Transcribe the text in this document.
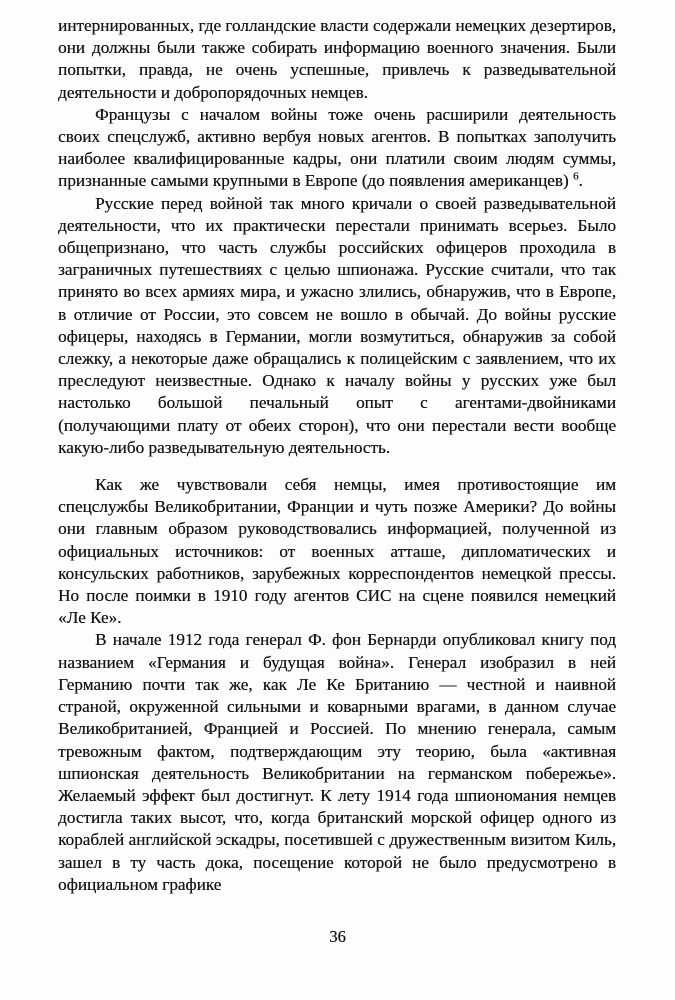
интернированных, где голландские власти содержали немецких дезертиров, они должны были также собирать информацию военного значения. Были попытки, правда, не очень успешные, привлечь к разведывательной деятельности и добропорядочных немцев.

Французы с началом войны тоже очень расширили деятельность своих спецслужб, активно вербуя новых агентов. В попытках заполучить наиболее квалифицированные кадры, они платили своим людям суммы, признанные самыми крупными в Европе (до появления американцев) $^6$.

Русские перед войной так много кричали о своей разведывательной деятельности, что их практически перестали принимать всерьез. Было общепризнано, что часть службы российских офицеров проходила в заграничных путешествиях с целью шпионажа. Русские считали, что так принято во всех армиях мира, и ужасно злились, обнаружив, что в Европе, в отличие от России, это совсем не вошло в обычай. До войны русские офицеры, находясь в Германии, могли возмутиться, обнаружив за собой слежку, а некоторые даже обращались к полицейским с заявлением, что их преследуют неизвестные. Однако к началу войны у русских уже был настолько большой печальный опыт с агентами-двойниками (получающими плату от обеих сторон), что они перестали вести вообще какую-либо разведывательную деятельность.

Как же чувствовали себя немцы, имея противостоящие им спецслужбы Великобритании, Франции и чуть позже Америки? До войны они главным образом руководствовались информацией, полученной из официальных источников: от военных атташе, дипломатических и консульских работников, зарубежных корреспондентов немецкой прессы. Но после поимки в 1910 году агентов СИС на сцене появился немецкий «Ле Ке».

В начале 1912 года генерал Ф. фон Бернарди опубликовал книгу под названием «Германия и будущая война». Генерал изобразил в ней Германию почти так же, как Ле Ке Британию — честной и наивной страной, окруженной сильными и коварными врагами, в данном случае Великобританией, Францией и Россией. По мнению генерала, самым тревожным фактом, подтверждающим эту теорию, была «активная шпионская деятельность Великобритании на германском побережье». Желаемый эффект был достигнут. К лету 1914 года шпиономания немцев достигла таких высот, что, когда британский морской офицер одного из кораблей английской эскадры, посетившей с дружественным визитом Киль, зашел в ту часть дока, посещение которой не было предусмотрено в официальном графике

36
